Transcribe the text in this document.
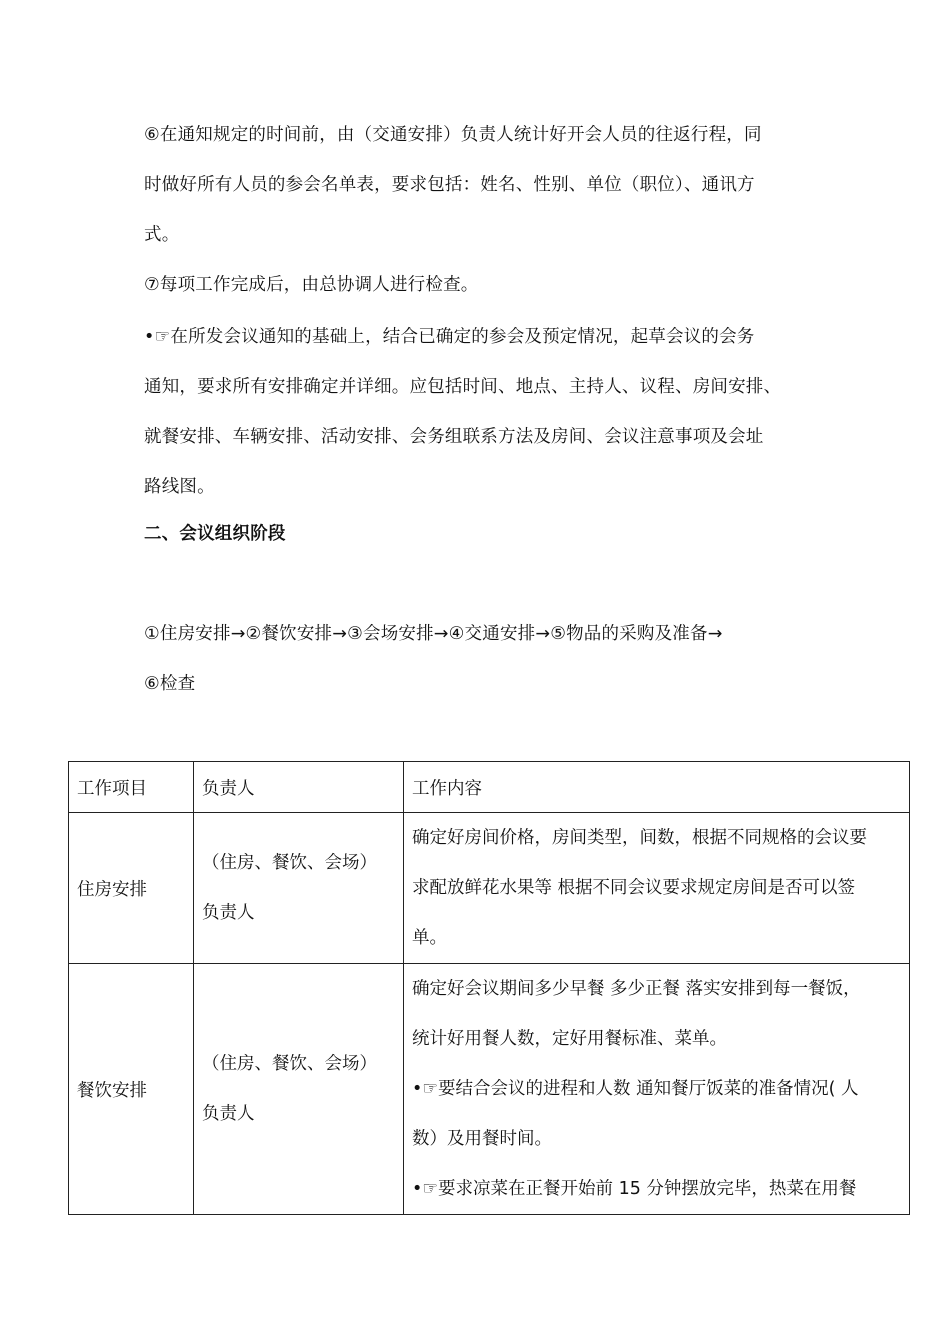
⑥在通知规定的时间前，由（交通安排）负责人统计好开会人员的往返行程，同
时做好所有人员的参会名单表，要求包括：姓名、性别、单位（职位）、通讯方
式。
⑦每项工作完成后，由总协调人进行检查。
•☞在所发会议通知的基础上，结合已确定的参会及预定情况，起草会议的会务
通知，要求所有安排确定并详细。应包括时间、地点、主持人、议程、房间安排、
就餐安排、车辆安排、活动安排、会务组联系方法及房间、会议注意事项及会址
路线图。
二、会议组织阶段
①住房安排→②餐饮安排→③会场安排→④交通安排→⑤物品的采购及准备→
⑥检查
工作项目	负责人	工作内容
住房安排	（住房、餐饮、会场）
负责人	确定好房间价格，房间类型，间数，根据不同规格的会议要
求配放鲜花水果等 根据不同会议要求规定房间是否可以签
单。

餐饮安排	（住房、餐饮、会场）
负责人	确定好会议期间多少早餐 多少正餐 落实安排到每一餐饭，
统计好用餐人数，定好用餐标准、菜单。
•☞要结合会议的进程和人数 通知餐厅饭菜的准备情况( 人
数）及用餐时间。
•☞要求凉菜在正餐开始前 15 分钟摆放完毕，热菜在用餐
